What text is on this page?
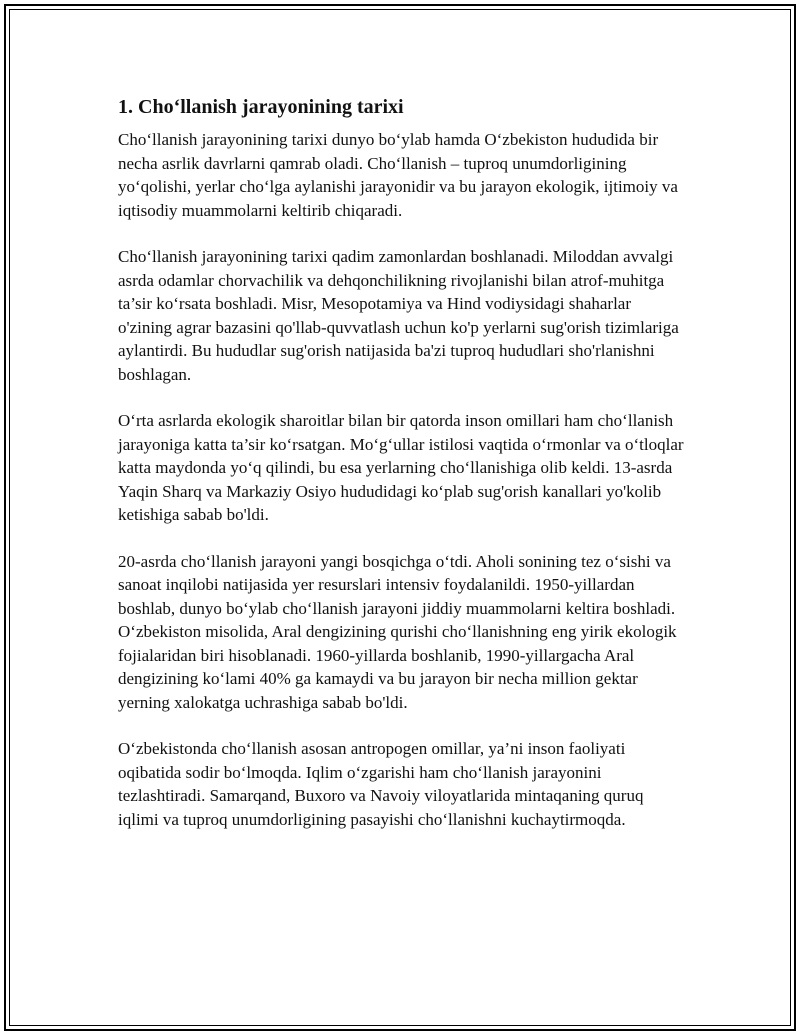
1. Cho‘llanish jarayonining tarixi

Cho‘llanish jarayonining tarixi dunyo bo‘ylab hamda O‘zbekiston hududida bir necha asrlik davrlarni qamrab oladi. Cho‘llanish – tuproq unumdorligining yo‘qolishi, yerlar cho‘lga aylanishi jarayonidir va bu jarayon ekologik, ijtimoiy va iqtisodiy muammolarni keltirib chiqaradi.

Cho‘llanish jarayonining tarixi qadim zamonlardan boshlanadi. Miloddan avvalgi asrda odamlar chorvachilik va dehqonchilikning rivojlanishi bilan atrof-muhitga ta’sir ko‘rsata boshladi. Misr, Mesopotamiya va Hind vodiysidagi shaharlar o'zining agrar bazasini qo'llab-quvvatlash uchun ko'p yerlarni sug'orish tizimlariga aylantirdi. Bu hududlar sug'orish natijasida ba'zi tuproq hududlari sho'rlanishni boshlagan.

O‘rta asrlarda ekologik sharoitlar bilan bir qatorda inson omillari ham cho‘llanish jarayoniga katta ta’sir ko‘rsatgan. Mo‘g‘ullar istilosi vaqtida o‘rmonlar va o‘tloqlar katta maydonda yo‘q qilindi, bu esa yerlarning cho‘llanishiga olib keldi. 13-asrda Yaqin Sharq va Markaziy Osiyo hududidagi ko‘plab sug'orish kanallari yo'kolib ketishiga sabab bo'ldi.

20-asrda cho‘llanish jarayoni yangi bosqichga o‘tdi. Aholi sonining tez o‘sishi va sanoat inqilobi natijasida yer resurslari intensiv foydalanildi. 1950-yillardan boshlab, dunyo bo‘ylab cho‘llanish jarayoni jiddiy muammolarni keltira boshladi. O‘zbekiston misolida, Aral dengizining qurishi cho‘llanishning eng yirik ekologik fojialaridan biri hisoblanadi. 1960-yillarda boshlanib, 1990-yillargacha Aral dengizining ko‘lami 40% ga kamaydi va bu jarayon bir necha million gektar yerning xalokatga uchrashiga sabab bo'ldi.

O‘zbekistonda cho‘llanish asosan antropogen omillar, ya’ni inson faoliyati oqibatida sodir bo‘lmoqda. Iqlim o‘zgarishi ham cho‘llanish jarayonini tezlashtiradi. Samarqand, Buxoro va Navoiy viloyatlarida mintaqaning quruq iqlimi va tuproq unumdorligining pasayishi cho‘llanishni kuchaytirmoqda.
